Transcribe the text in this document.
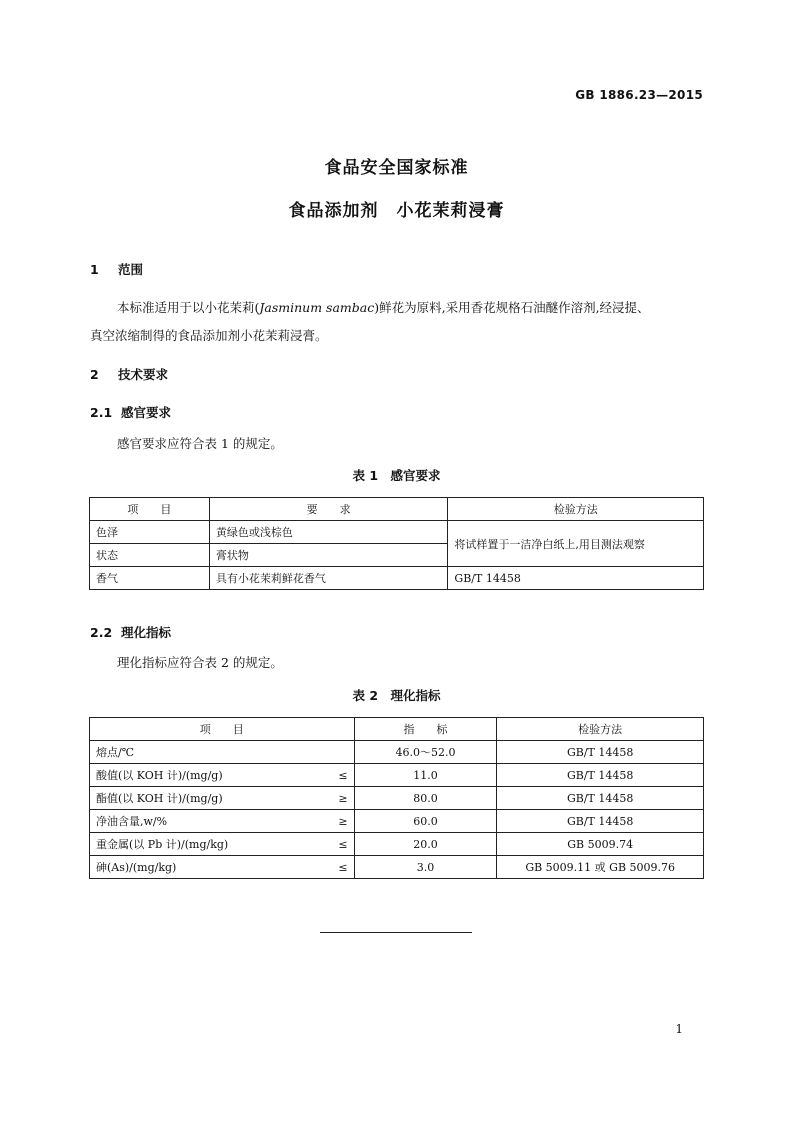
GB 1886.23—2015
食品安全国家标准
食品添加剂　小花茉莉浸膏
1 范围
本标准适用于以小花茉莉(Jasminum sambac)鲜花为原料,采用香花规格石油醚作溶剂,经浸提、
真空浓缩制得的食品添加剂小花茉莉浸膏。
2 技术要求
2.1 感官要求
感官要求应符合表 1 的规定。
表 1　感官要求
项　　目	要　　求	检验方法
色泽	黄绿色或浅棕色	将试样置于一洁净白纸上,用目测法观察
状态	膏状物	
香气	具有小花茉莉鲜花香气	GB/T 14458
2.2 理化指标
理化指标应符合表 2 的规定。
表 2　理化指标
项　　目		指　　标	检验方法
熔点/℃		46.0～52.0	GB/T 14458
酸值(以 KOH 计)/(mg/g)	≤	11.0	GB/T 14458
酯值(以 KOH 计)/(mg/g)	≥	80.0	GB/T 14458
净油含量,w/%	≥	60.0	GB/T 14458
重金属(以 Pb 计)/(mg/kg)	≤	20.0	GB 5009.74
砷(As)/(mg/kg)	≤	3.0	GB 5009.11 或 GB 5009.76
1
